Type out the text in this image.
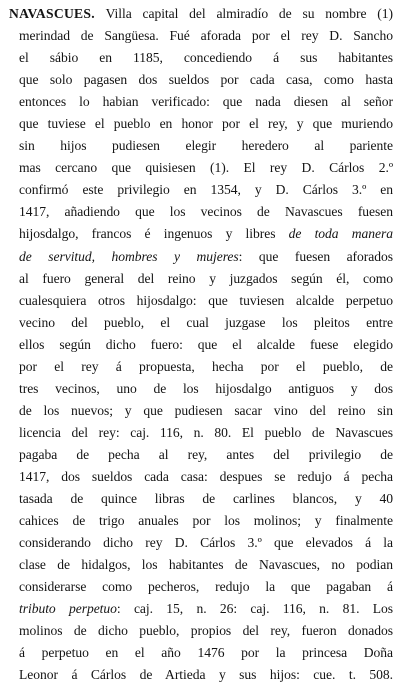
NAVASCUES. Villa capital del almiradío de su nombre (1)
merindad de Sangüesa. Fué aforada por el rey D. Sancho
el sábio en 1185, concediendo á sus habitantes
que solo pagasen dos sueldos por cada casa, como hasta
entonces lo habian verificado: que nada diesen al señor
que tuviese el pueblo en honor por el rey, y que muriendo
sin hijos pudiesen elegir heredero al pariente
mas cercano que quisiesen (1). El rey D. Cárlos 2.º
confirmó este privilegio en 1354, y D. Cárlos 3.º en
1417, añadiendo que los vecinos de Navascues fuesen
hijosdalgo, francos é ingenuos y libres de toda manera
de servitud, hombres y mujeres: que fuesen aforados
al fuero general del reino y juzgados según él, como
cualesquiera otros hijosdalgo: que tuviesen alcalde perpetuo
vecino del pueblo, el cual juzgase los pleitos entre
ellos según dicho fuero: que el alcalde fuese elegido
por el rey á propuesta, hecha por el pueblo, de
tres vecinos, uno de los hijosdalgo antiguos y dos
de los nuevos; y que pudiesen sacar vino del reino sin
licencia del rey: caj. 116, n. 80. El pueblo de Navascues
pagaba de pecha al rey, antes del privilegio de
1417, dos sueldos cada casa: despues se redujo á pecha
tasada de quince libras de carlines blancos, y 40
cahices de trigo anuales por los molinos; y finalmente
considerando dicho rey D. Cárlos 3.º que elevados á la
clase de hidalgos, los habitantes de Navascues, no podian
considerarse como pecheros, redujo la que pagaban á
tributo perpetuo: caj. 15, n. 26: caj. 116, n. 81. Los
molinos de dicho pueblo, propios del rey, fueron donados
á perpetuo en el año 1476 por la princesa Doña
Leonor á Cárlos de Artieda y sus hijos: cue. t. 508.
